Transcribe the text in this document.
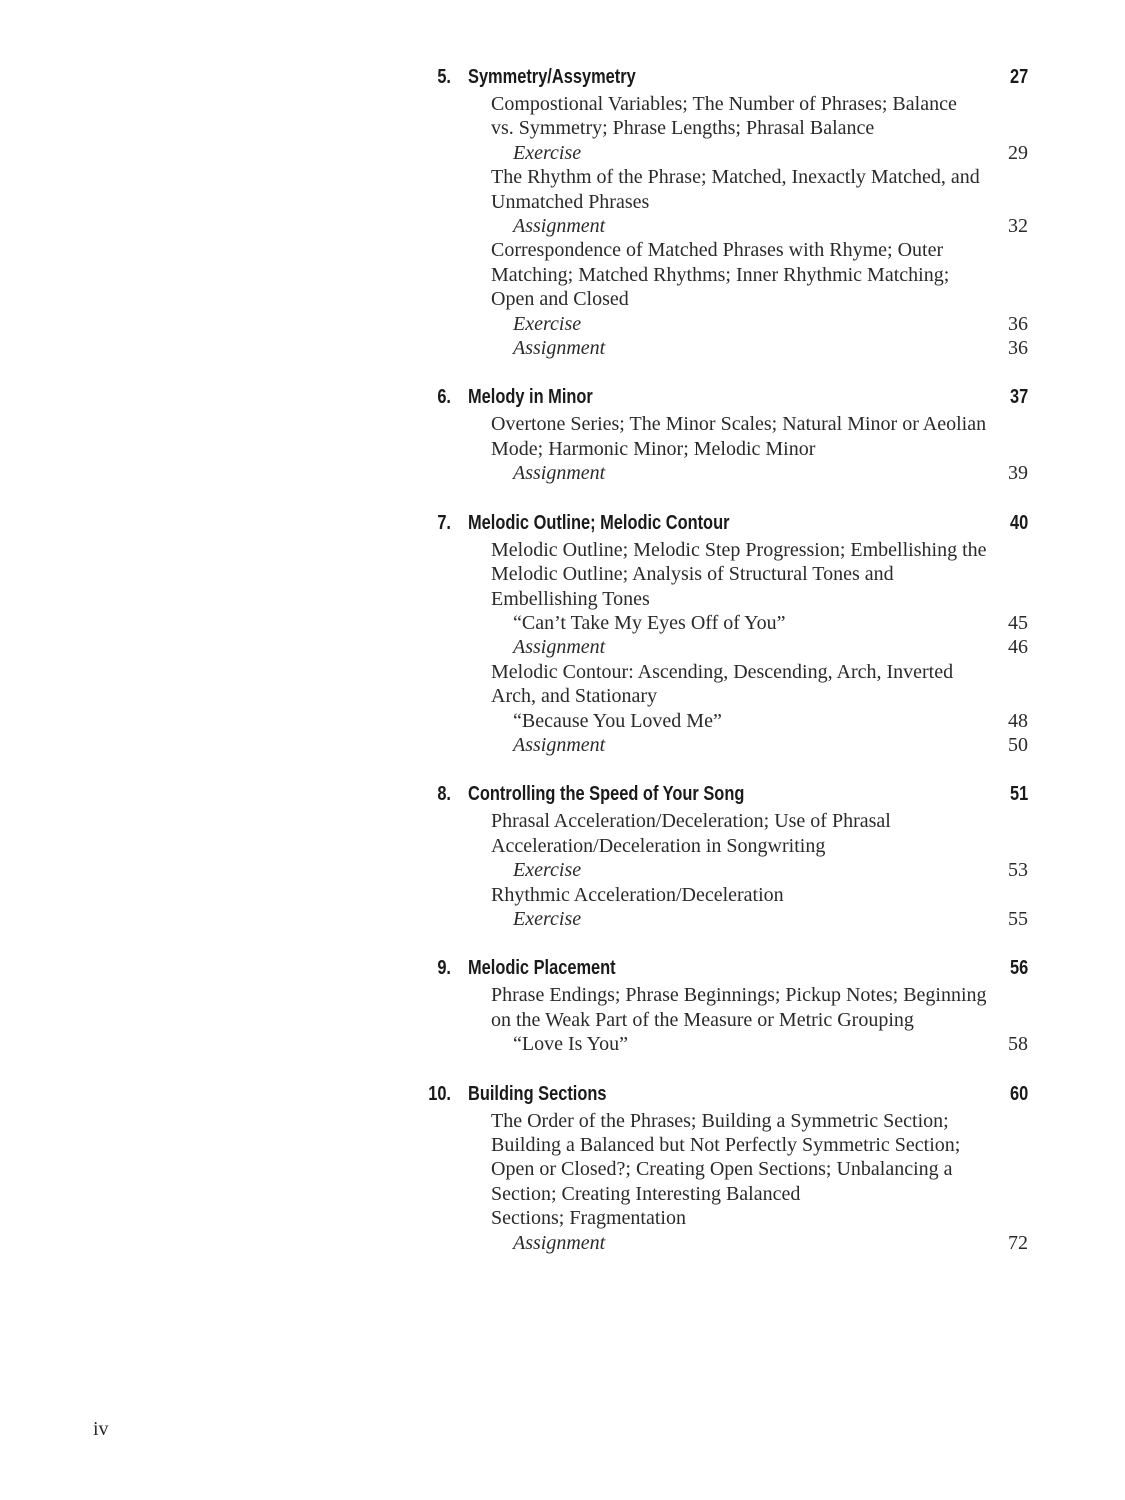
5. Symmetry/Assymetry	27
Compostional Variables; The Number of Phrases; Balance
vs. Symmetry; Phrase Lengths; Phrasal Balance
Exercise	29
The Rhythm of the Phrase; Matched, Inexactly Matched, and
Unmatched Phrases
Assignment	32
Correspondence of Matched Phrases with Rhyme; Outer
Matching; Matched Rhythms; Inner Rhythmic Matching;
Open and Closed
Exercise	36
Assignment	36
6. Melody in Minor	37
Overtone Series; The Minor Scales; Natural Minor or Aeolian
Mode; Harmonic Minor; Melodic Minor
Assignment	39
7. Melodic Outline; Melodic Contour	40
Melodic Outline; Melodic Step Progression; Embellishing the
Melodic Outline; Analysis of Structural Tones and
Embellishing Tones
“Can’t Take My Eyes Off of You”	45
Assignment	46
Melodic Contour: Ascending, Descending, Arch, Inverted
Arch, and Stationary
“Because You Loved Me”	48
Assignment	50
8. Controlling the Speed of Your Song	51
Phrasal Acceleration/Deceleration; Use of Phrasal
Acceleration/Deceleration in Songwriting
Exercise	53
Rhythmic Acceleration/Deceleration
Exercise	55
9. Melodic Placement	56
Phrase Endings; Phrase Beginnings; Pickup Notes; Beginning
on the Weak Part of the Measure or Metric Grouping
“Love Is You”	58
10. Building Sections	60
The Order of the Phrases; Building a Symmetric Section;
Building a Balanced but Not Perfectly Symmetric Section;
Open or Closed?; Creating Open Sections; Unbalancing a
Section; Creating Interesting Balanced
Sections; Fragmentation
Assignment	72
iv
